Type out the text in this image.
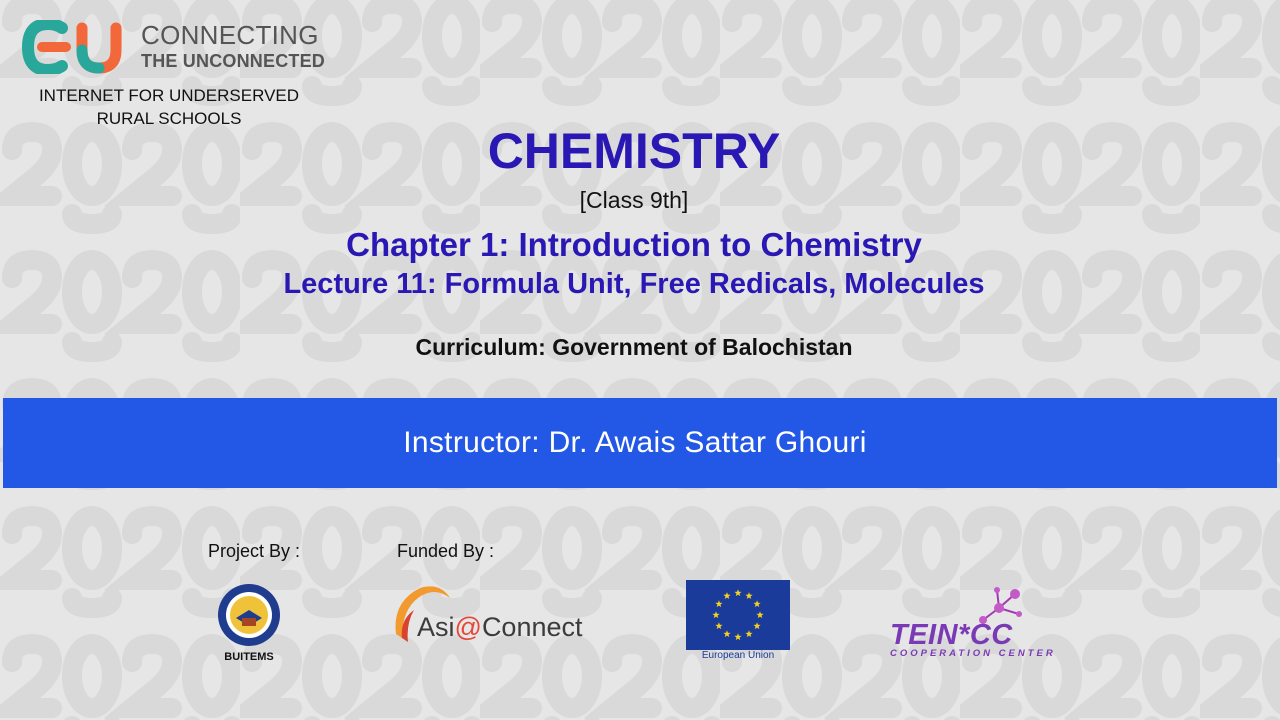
CONNECTING
THE UNCONNECTED
INTERNET FOR UNDERSERVED
RURAL SCHOOLS
CHEMISTRY
[Class 9th]
Chapter 1: Introduction to Chemistry
Lecture 11: Formula Unit, Free Redicals, Molecules
Curriculum: Government of Balochistan
Instructor: Dr. Awais Sattar Ghouri
Project By :	Funded By :
BUITEMS
Asi@Connect
European Union
TEIN*CC
COOPERATION CENTER
